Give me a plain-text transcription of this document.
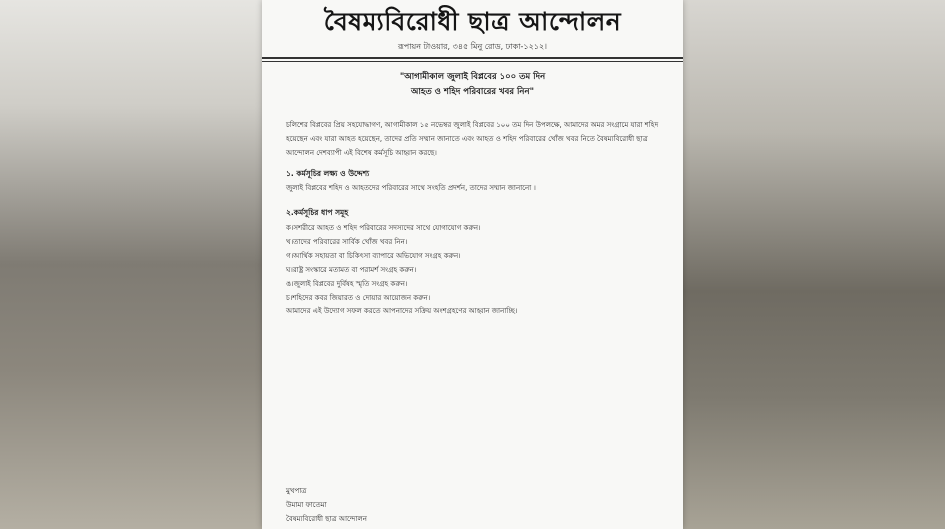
বৈষম্যবিরোধী ছাত্র আন্দোলন
রূপায়ন টাওয়ার, ৩৪৫ মিনু রোড, ঢাকা-১২১২।
"আগামীকাল জুলাই বিপ্লবের ১০০ তম দিন
আহত ও শহিদ পরিবারের খবর নিন"
চলিশের বিপ্লবের প্রিয় সহযোদ্ধাগণ, আগামীকাল ১৫ নভেম্বর জুলাই বিপ্লবের ১০০ তম দিন উপলক্ষে, আমাদের অমর সংগ্রামে যারা শহিদ হয়েছেন এবং যারা আহত হয়েছেন, তাদের প্রতি সম্মান জানাতে এবং আহত ও শহিদ পরিবারের খোঁজ খবর নিতে বৈষম্যবিরোধী ছাত্র আন্দোলন দেশব্যাপী এই বিশেষ কর্মসূচি আহ্বান করছে।
১. কর্মসূচির লক্ষ্য ও উদ্দেশ্য
জুলাই বিপ্লবের শহিদ ও আহতদের পরিবারের সাথে সংহতি প্রদর্শন, তাদের সম্মান জানানো ।
২.কর্মসূচির ধাপ সমূহ
ক।সশরীরে আহত ও শহিদ পরিবারের সদস্যদের সাথে যোগাযোগ করুন।
খ।তাদের পরিবারের সার্বিক খোঁজ খবর নিন।
গ।আর্থিক সহায়তা বা চিকিৎসা ব্যাপারে অভিযোগ সংগ্রহ করুন।
ঘ।রাষ্ট্র সংস্কারে মতামত বা পরামর্শ সংগ্রহ করুন।
ঙ।জুলাই বিপ্লবের দুর্বিষহ স্মৃতি সংগ্রহ করুন।
চ।শহিদের কবর জিয়ারত ও দোয়ার আয়োজন করুন।
আমাদের এই উদ্যোগ সফল করতে আপনাদের সক্রিয় অংশগ্রহণের আহ্বান জানাচ্ছি।
মুখপাত্র
উমামা ফাতেমা
বৈষম্যবিরোধী ছাত্র আন্দোলন
